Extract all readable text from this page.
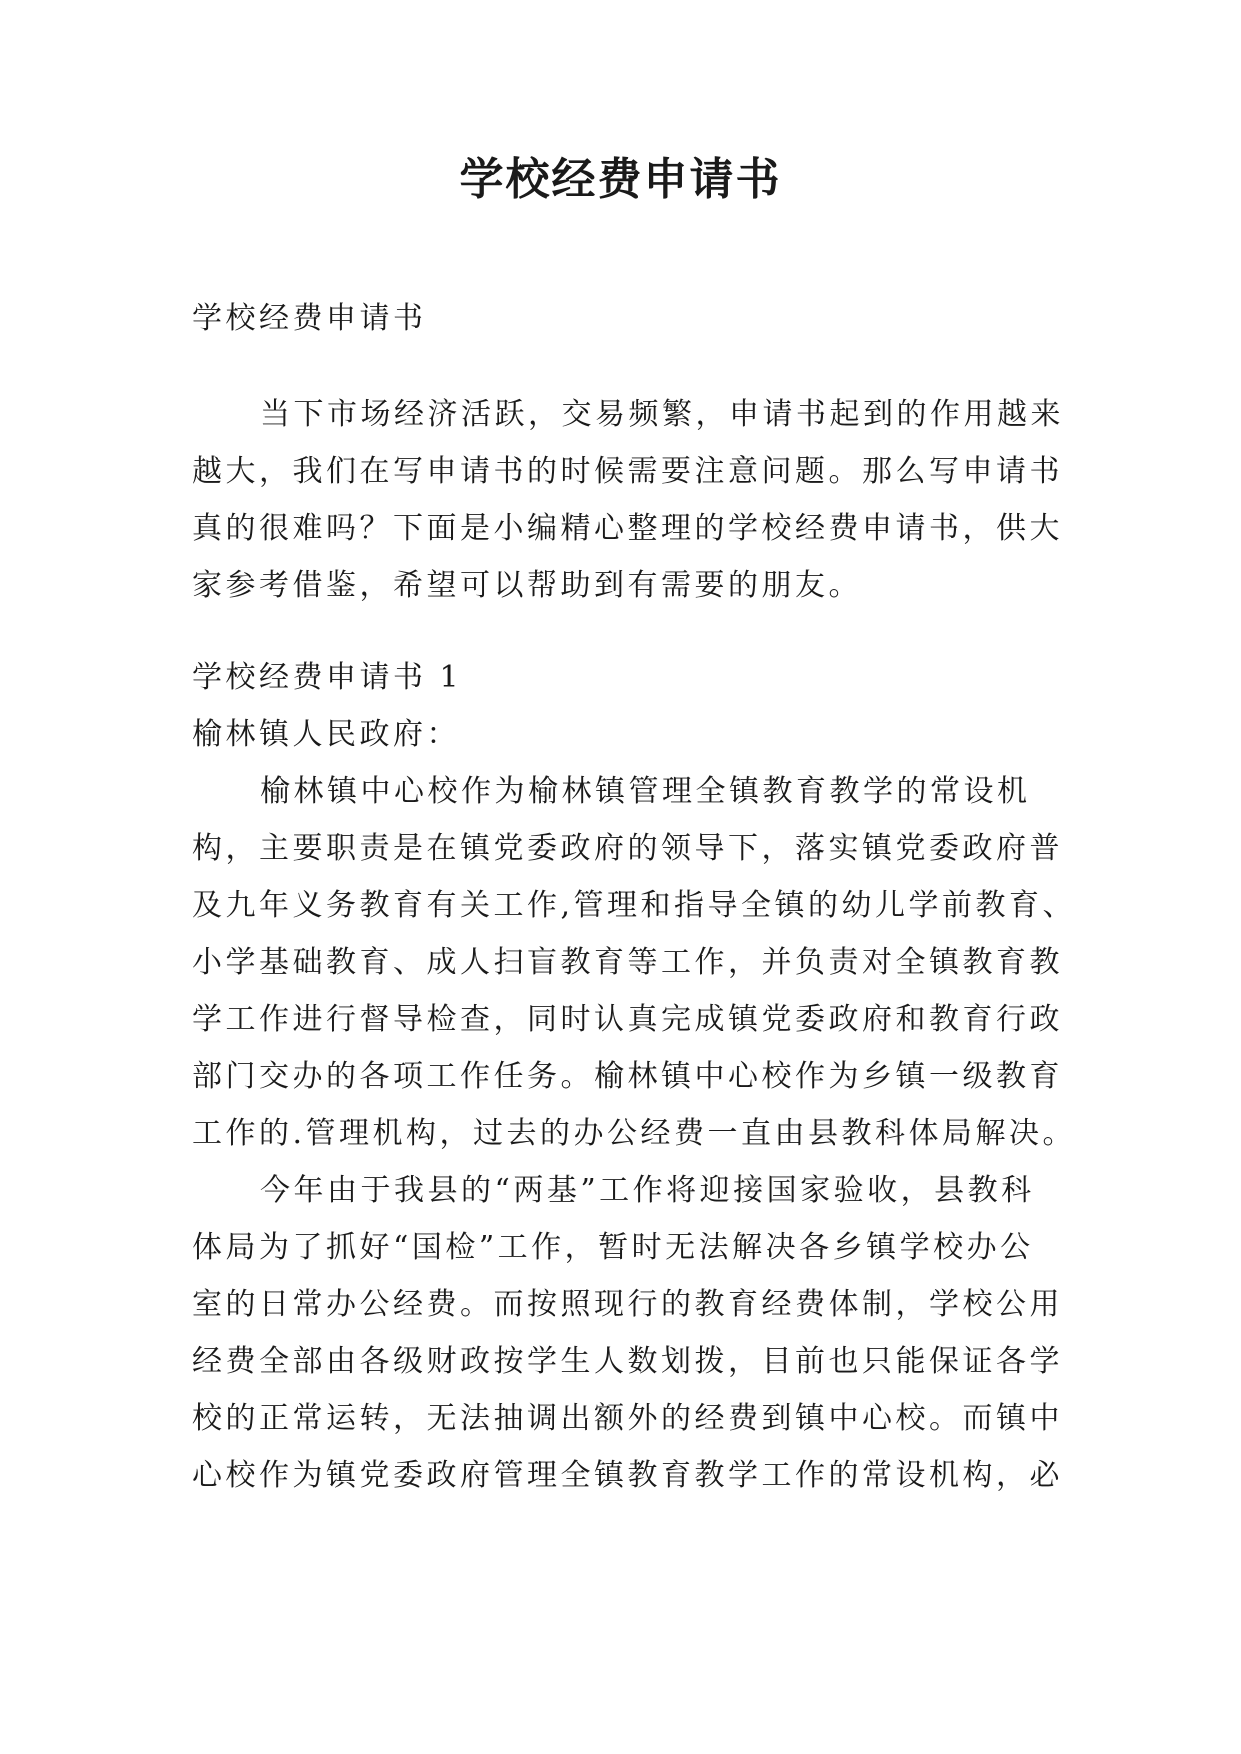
学校经费申请书
学校经费申请书
当下市场经济活跃，交易频繁，申请书起到的作用越来
越大，我们在写申请书的时候需要注意问题。那么写申请书
真的很难吗？下面是小编精心整理的学校经费申请书，供大
家参考借鉴，希望可以帮助到有需要的朋友。
学校经费申请书 1
榆林镇人民政府：
榆林镇中心校作为榆林镇管理全镇教育教学的常设机
构，主要职责是在镇党委政府的领导下，落实镇党委政府普
及九年义务教育有关工作,管理和指导全镇的幼儿学前教育、
小学基础教育、成人扫盲教育等工作，并负责对全镇教育教
学工作进行督导检查，同时认真完成镇党委政府和教育行政
部门交办的各项工作任务。榆林镇中心校作为乡镇一级教育
工作的.管理机构，过去的办公经费一直由县教科体局解决。
今年由于我县的“两基”工作将迎接国家验收，县教科
体局为了抓好“国检”工作，暂时无法解决各乡镇学校办公
室的日常办公经费。而按照现行的教育经费体制，学校公用
经费全部由各级财政按学生人数划拨，目前也只能保证各学
校的正常运转，无法抽调出额外的经费到镇中心校。而镇中
心校作为镇党委政府管理全镇教育教学工作的常设机构，必
